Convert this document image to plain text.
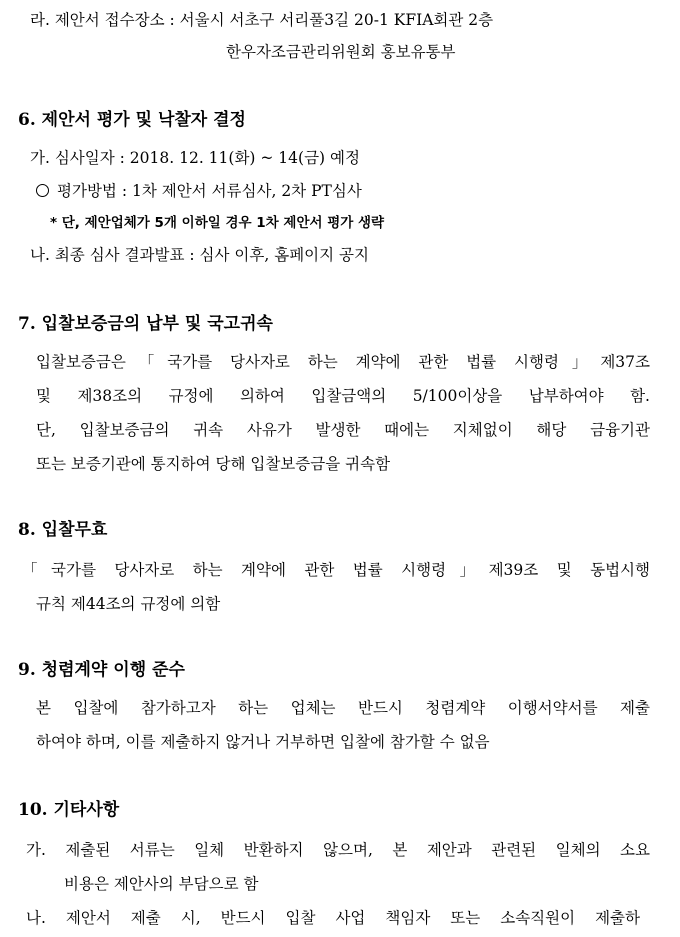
라. 제안서 접수장소 : 서울시 서초구 서리풀3길 20-1 KFIA회관 2층
한우자조금관리위원회 홍보유통부
6. 제안서 평가 및 낙찰자 결정
가. 심사일자 : 2018. 12. 11(화) ~ 14(금) 예정
평가방법 : 1차 제안서 서류심사, 2차 PT심사
* 단, 제안업체가 5개 이하일 경우 1차 제안서 평가 생략
나. 최종 심사 결과발표 : 심사 이후, 홈페이지 공지
7. 입찰보증금의 납부 및 국고귀속
입찰보증금은「국가를 당사자로 하는 계약에 관한 법률 시행령」제37조
및 제38조의 규정에 의하여 입찰금액의 5/100이상을 납부하여야 함.
단, 입찰보증금의 귀속 사유가 발생한 때에는 지체없이 해당 금융기관
또는 보증기관에 통지하여 당해 입찰보증금을 귀속함
8. 입찰무효
「국가를 당사자로 하는 계약에 관한 법률 시행령」제39조 및 동법시행
규칙 제44조의 규정에 의함
9. 청렴계약 이행 준수
본 입찰에 참가하고자 하는 업체는 반드시 청렴계약 이행서약서를 제출
하여야 하며, 이를 제출하지 않거나 거부하면 입찰에 참가할 수 없음
10. 기타사항
가. 제출된 서류는 일체 반환하지 않으며, 본 제안과 관련된 일체의 소요
비용은 제안사의 부담으로 함
나. 제안서 제출 시, 반드시 입찰 사업 책임자 또는 소속직원이 제출하
